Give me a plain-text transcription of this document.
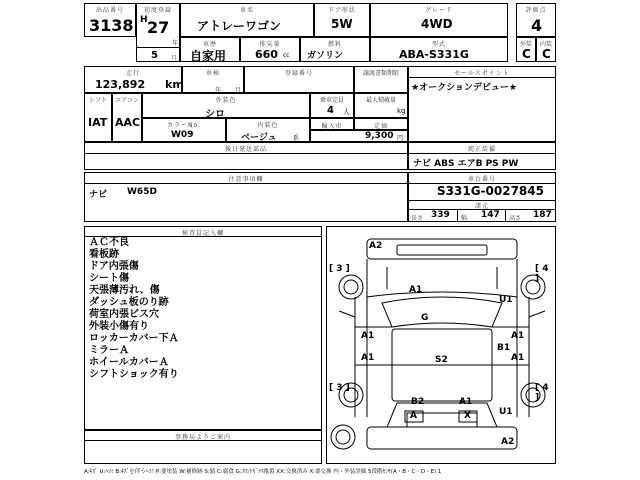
出品番号
3138
初度登録
H 27
年
5 月
車名
アトレーワゴン
車歴
自家用
排気量
660 cc
ドア形状
5W
燃料
ガソリン
グレード
4WD
型式
ABA-S331G
評価点
4
外装
C
内装
C
走行
123,892 km
車検
年 月
登録番号	譲渡書類期限
シフト
IAT
エアコン
AAC
外装色
シロ
乗車定員
4 人
最大積載量
kg
カラーNo.
W09
内装色
ベージュ	系
輸入車	定価
9,300 円
後日発送部品
セールスポイント
★オークションデビュー★
純正装備
ナビ ABS エアB PS PW
注意事項欄
ナビ W65D
車台番号
S331G-0027845
諸元
長さ 339 幅 147 高さ 187
検査員記入欄
ＡＣ不良
看板跡
ドア内張傷
シート傷
天張薄汚れ、傷
ダッシュ板のり跡
荷室内張ビス穴
外装小傷有り
ロッカーカバー下Ａ
ミラーＡ
ホイールカバーＡ
シフトショック有り
事務局よりご案内
[ 3 ]	[ 4 ]
[ 3 ]	[ 4 ]
A2
A1
U1
G
A1	A1
B1
A1	S2	A1
B2	A1
A	X	U1
A2
A:ｷｽﾞ U:ﾍｺﾐ B:ｷｽﾞを伴うﾍｺﾐ P:要塗装 W:補修跡 S:錆 C:腐食 G:ﾌﾛﾝﾄｶﾞﾗｽ亀裂 XX:交換済み X:要交換 内・外装評価 5段階ｾﾝｻ(A・B・C・D・E) 1
